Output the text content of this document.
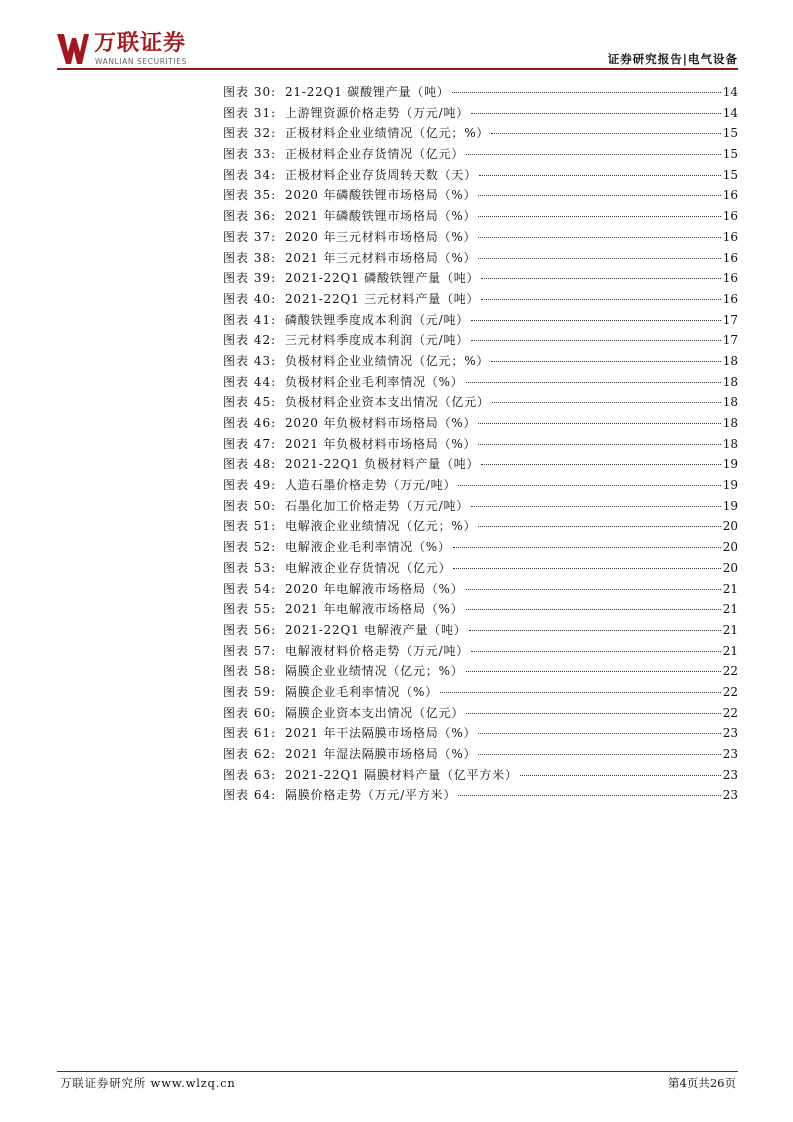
万联证券
WANLIAN SECURITIES	证券研究报告|电气设备
图表 30: 21-22Q1 碳酸锂产量（吨）	14
图表 31: 上游锂资源价格走势（万元/吨）	14
图表 32: 正极材料企业业绩情况（亿元；%）	15
图表 33: 正极材料企业存货情况（亿元）	15
图表 34: 正极材料企业存货周转天数（天）	15
图表 35: 2020 年磷酸铁锂市场格局（%）	16
图表 36: 2021 年磷酸铁锂市场格局（%）	16
图表 37: 2020 年三元材料市场格局（%）	16
图表 38: 2021 年三元材料市场格局（%）	16
图表 39: 2021-22Q1 磷酸铁锂产量（吨）	16
图表 40: 2021-22Q1 三元材料产量（吨）	16
图表 41: 磷酸铁锂季度成本利润（元/吨）	17
图表 42: 三元材料季度成本利润（元/吨）	17
图表 43: 负极材料企业业绩情况（亿元；%）	18
图表 44: 负极材料企业毛利率情况（%）	18
图表 45: 负极材料企业资本支出情况（亿元）	18
图表 46: 2020 年负极材料市场格局（%）	18
图表 47: 2021 年负极材料市场格局（%）	18
图表 48: 2021-22Q1 负极材料产量（吨）	19
图表 49: 人造石墨价格走势（万元/吨）	19
图表 50: 石墨化加工价格走势（万元/吨）	19
图表 51: 电解液企业业绩情况（亿元；%）	20
图表 52: 电解液企业毛利率情况（%）	20
图表 53: 电解液企业存货情况（亿元）	20
图表 54: 2020 年电解液市场格局（%）	21
图表 55: 2021 年电解液市场格局（%）	21
图表 56: 2021-22Q1 电解液产量（吨）	21
图表 57: 电解液材料价格走势（万元/吨）	21
图表 58: 隔膜企业业绩情况（亿元；%）	22
图表 59: 隔膜企业毛利率情况（%）	22
图表 60: 隔膜企业资本支出情况（亿元）	22
图表 61: 2021 年干法隔膜市场格局（%）	23
图表 62: 2021 年湿法隔膜市场格局（%）	23
图表 63: 2021-22Q1 隔膜材料产量（亿平方米）	23
图表 64: 隔膜价格走势（万元/平方米）	23
万联证券研究所 www.wlzq.cn	第4页共26页
